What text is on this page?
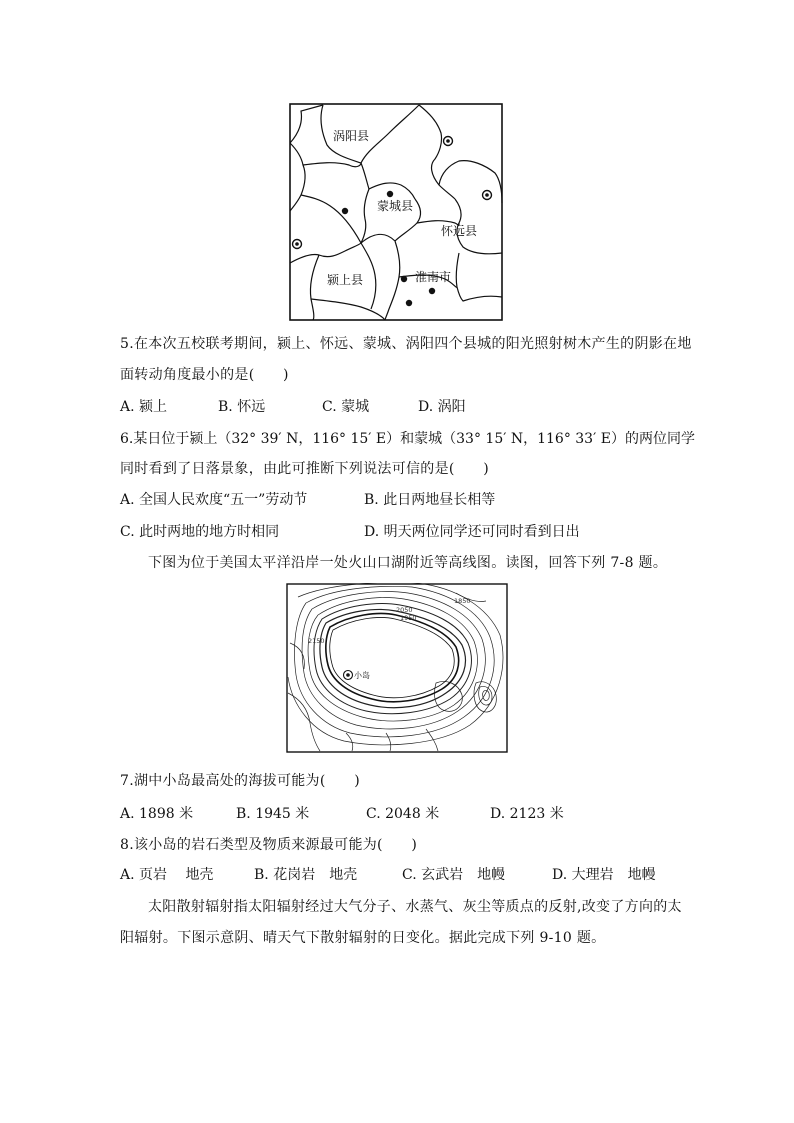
涡阳县
蒙城县
怀远县
颍上县	淮南市
5.在本次五校联考期间，颍上、怀远、蒙城、涡阳四个县城的阳光照射树木产生的阴影在地
面转动角度最小的是(　　)
A. 颍上	B. 怀远	C. 蒙城	D. 涡阳
6.某日位于颍上（32° 39′ N，116° 15′ E）和蒙城（33° 15′ N，116° 33′ E）的两位同学
同时看到了日落景象，由此可推断下列说法可信的是(　　)
A. 全国人民欢度“五一”劳动节	B. 此日两地昼长相等
C. 此时两地的地方时相同	D. 明天两位同学还可同时看到日出
下图为位于美国太平洋沿岸一处火山口湖附近等高线图。读图，回答下列 7-8 题。
小岛
1850
2050
1950
2150
7.湖中小岛最高处的海拔可能为(　　)
A. 1898 米	B. 1945 米	C. 2048 米	D. 2123 米
8.该小岛的岩石类型及物质来源最可能为(　　)
A. 页岩　 地壳	B. 花岗岩　地壳	C. 玄武岩　地幔	D. 大理岩　地幔
太阳散射辐射指太阳辐射经过大气分子、水蒸气、灰尘等质点的反射,改变了方向的太
阳辐射。下图示意阴、晴天气下散射辐射的日变化。据此完成下列 9-10 题。
